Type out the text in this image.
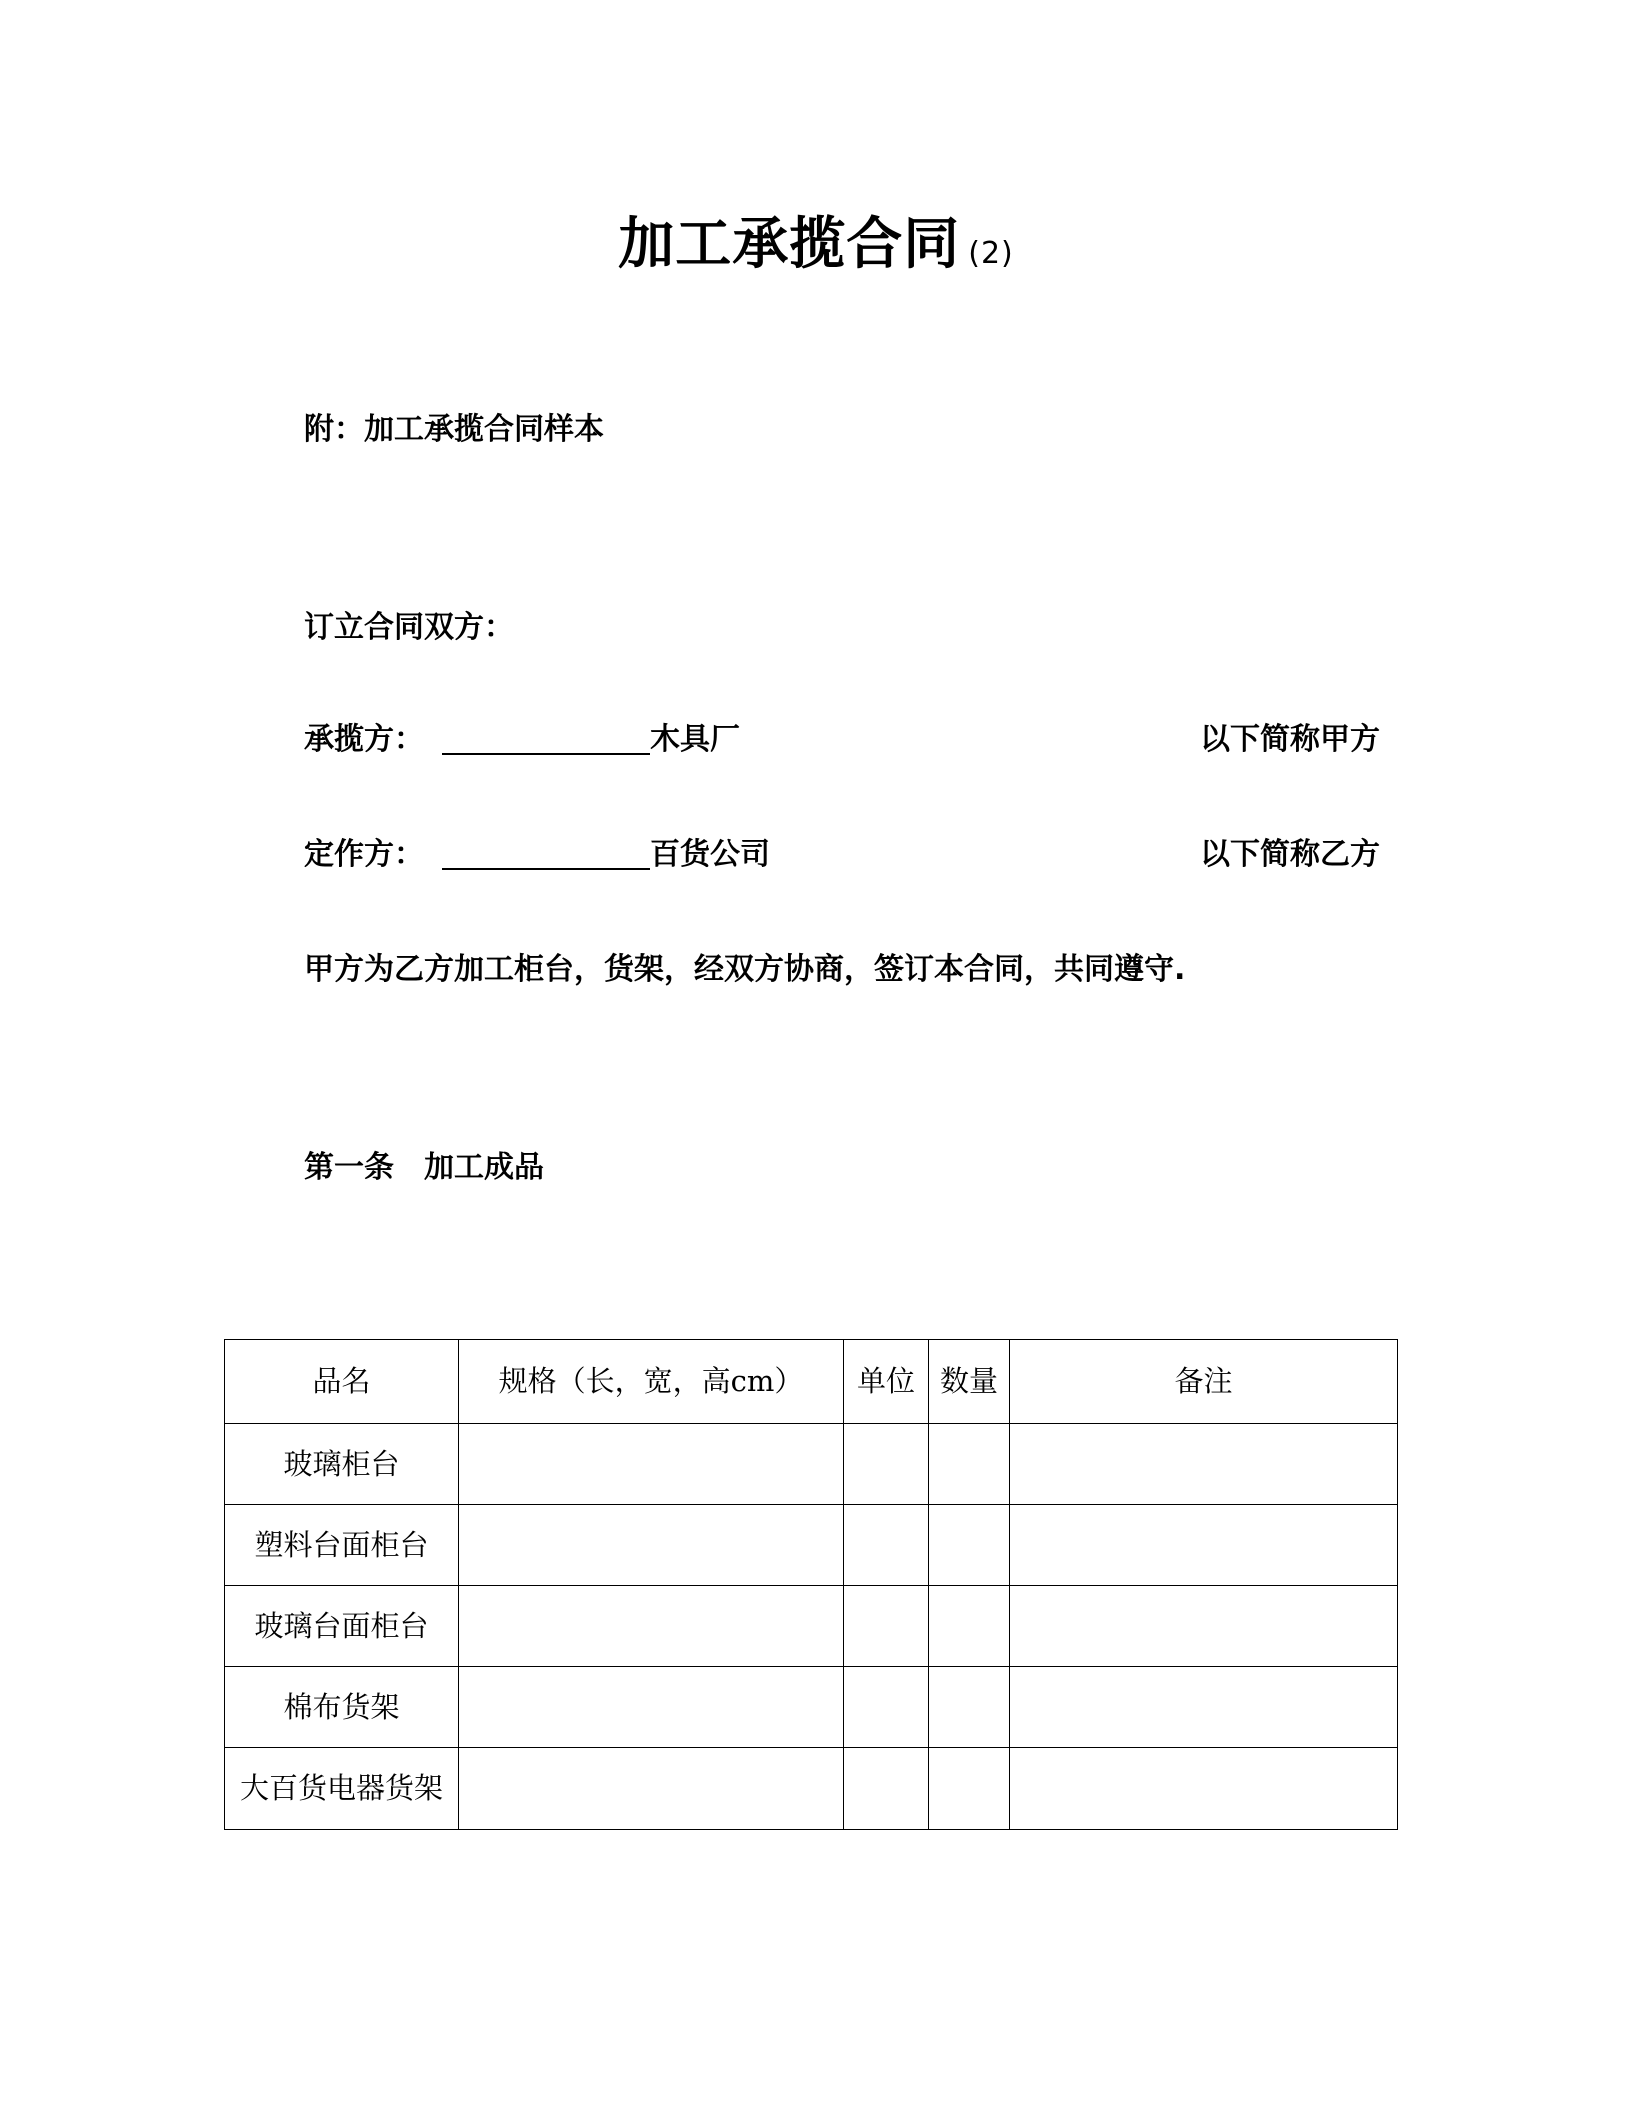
加工承揽合同 (2)
附：加工承揽合同样本
订立合同双方：
承揽方：	木具厂	以下简称甲方
定作方：	百货公司	以下简称乙方
甲方为乙方加工柜台，货架，经双方协商，签订本合同，共同遵守.
第一条　加工成品
品名	规格（长，宽，高cm）	单位	数量	备注
玻璃柜台				
塑料台面柜台				
玻璃台面柜台				
棉布货架				
大百货电器货架				
